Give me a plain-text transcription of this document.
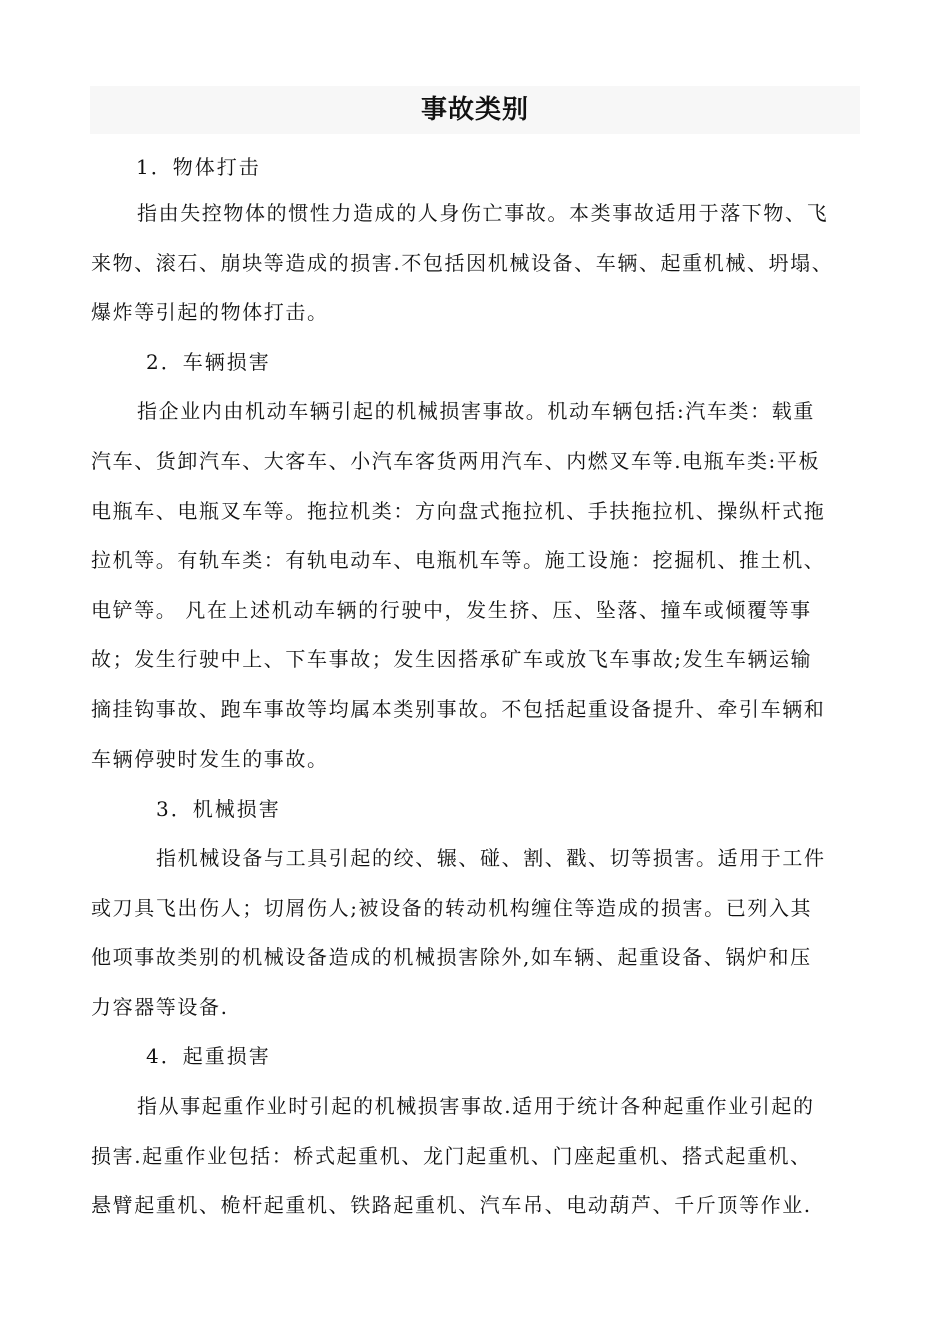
事故类别
1．物体打击
指由失控物体的惯性力造成的人身伤亡事故。本类事故适用于落下物、飞
来物、滚石、崩块等造成的损害.不包括因机械设备、车辆、起重机械、坍塌、
爆炸等引起的物体打击。
2．车辆损害
指企业内由机动车辆引起的机械损害事故。机动车辆包括:汽车类：载重
汽车、货卸汽车、大客车、小汽车客货两用汽车、内燃叉车等.电瓶车类:平板
电瓶车、电瓶叉车等。拖拉机类：方向盘式拖拉机、手扶拖拉机、操纵杆式拖
拉机等。有轨车类：有轨电动车、电瓶机车等。施工设施：挖掘机、推土机、
电铲等。 凡在上述机动车辆的行驶中，发生挤、压、坠落、撞车或倾覆等事
故；发生行驶中上、下车事故；发生因搭承矿车或放飞车事故;发生车辆运输
摘挂钩事故、跑车事故等均属本类别事故。不包括起重设备提升、牵引车辆和
车辆停驶时发生的事故。
3．机械损害
指机械设备与工具引起的绞、辗、碰、割、戳、切等损害。适用于工件
或刀具飞出伤人；切屑伤人;被设备的转动机构缠住等造成的损害。已列入其
他项事故类别的机械设备造成的机械损害除外,如车辆、起重设备、锅炉和压
力容器等设备.
4．起重损害
指从事起重作业时引起的机械损害事故.适用于统计各种起重作业引起的
损害.起重作业包括：桥式起重机、龙门起重机、门座起重机、搭式起重机、
悬臂起重机、桅杆起重机、铁路起重机、汽车吊、电动葫芦、千斤顶等作业.
